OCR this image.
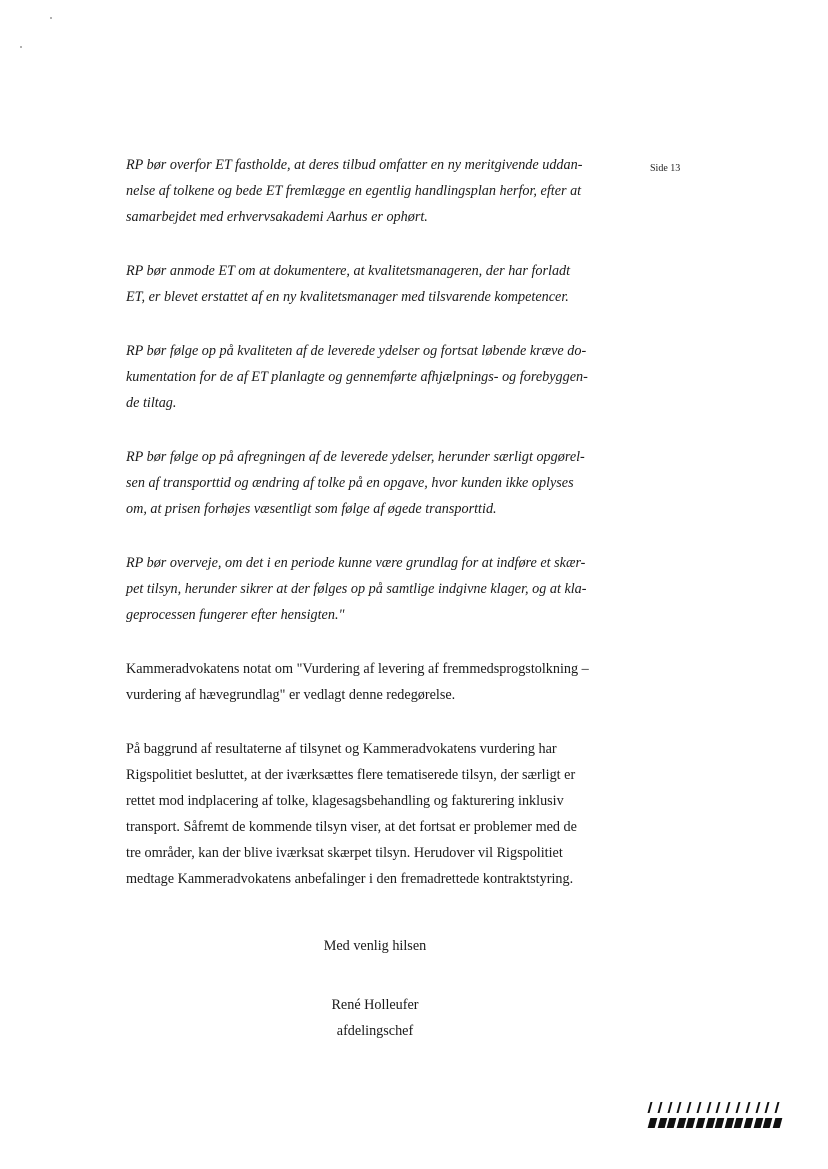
Side 13

RP bør overfor ET fastholde, at deres tilbud omfatter en ny meritgivende uddan-
nelse af tolkene og bede ET fremlægge en egentlig handlingsplan herfor, efter at
samarbejdet med erhvervsakademi Aarhus er ophørt.

RP bør anmode ET om at dokumentere, at kvalitetsmanageren, der har forladt
ET, er blevet erstattet af en ny kvalitetsmanager med tilsvarende kompetencer.

RP bør følge op på kvaliteten af de leverede ydelser og fortsat løbende kræve do-
kumentation for de af ET planlagte og gennemførte afhjælpnings- og forebyggen-
de tiltag.

RP bør følge op på afregningen af de leverede ydelser, herunder særligt opgørel-
sen af transporttid og ændring af tolke på en opgave, hvor kunden ikke oplyses
om, at prisen forhøjes væsentligt som følge af øgede transporttid.

RP bør overveje, om det i en periode kunne være grundlag for at indføre et skær-
pet tilsyn, herunder sikrer at der følges op på samtlige indgivne klager, og at kla-
geprocessen fungerer efter hensigten."

Kammeradvokatens notat om "Vurdering af levering af fremmedsprogstolkning –
vurdering af hævegrundlag" er vedlagt denne redegørelse.

På baggrund af resultaterne af tilsynet og Kammeradvokatens vurdering har
Rigspolitiet besluttet, at der iværksættes flere tematiserede tilsyn, der særligt er
rettet mod indplacering af tolke, klagesagsbehandling og fakturering inklusiv
transport. Såfremt de kommende tilsyn viser, at det fortsat er problemer med de
tre områder, kan der blive iværksat skærpet tilsyn. Herudover vil Rigspolitiet
medtage Kammeradvokatens anbefalinger i den fremadrettede kontraktstyring.

Med venlig hilsen
René Holleufer
afdelingschef
